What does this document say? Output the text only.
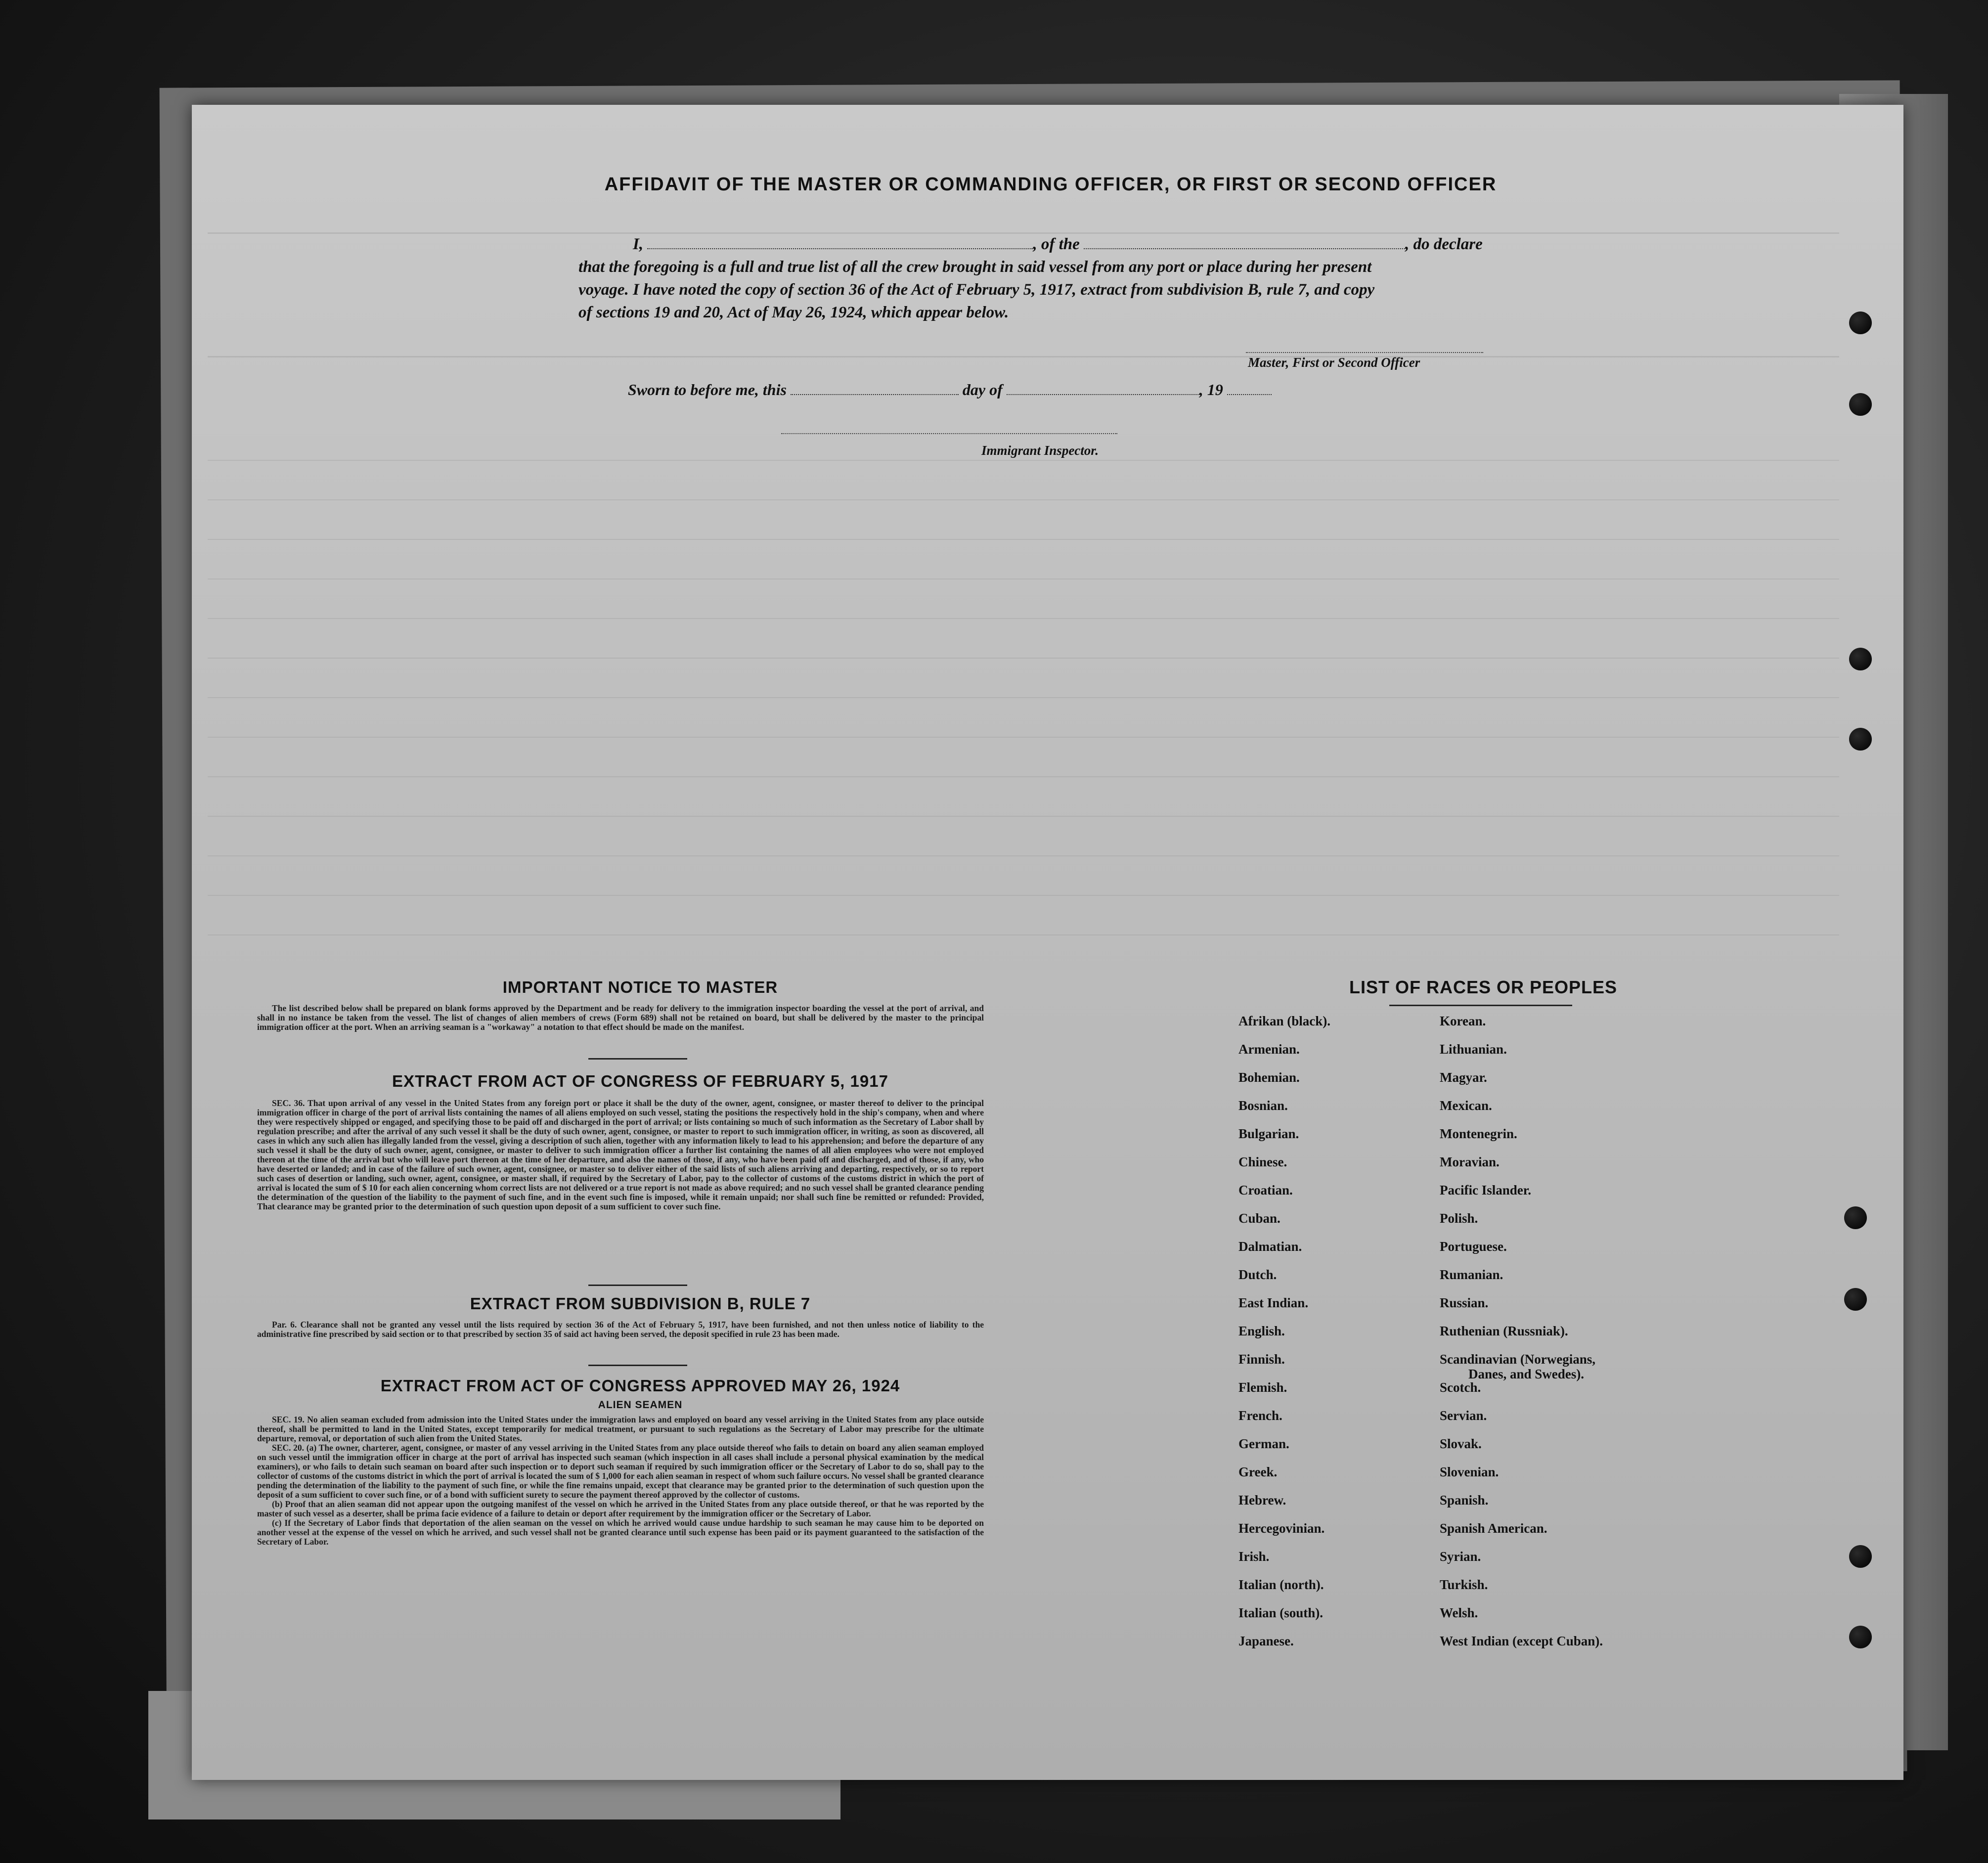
AFFIDAVIT OF THE MASTER OR COMMANDING OFFICER, OR FIRST OR SECOND OFFICER
I,	, of the	, do declare
that the foregoing is a full and true list of all the crew brought in said vessel from any port or place during her present
voyage. I have noted the copy of section 36 of the Act of February 5, 1917, extract from subdivision B, rule 7, and copy
of sections 19 and 20, Act of May 26, 1924, which appear below.
Master, First or Second Officer
Sworn to before me, this	day of	, 19
Immigrant Inspector.
IMPORTANT NOTICE TO MASTER

The list described below shall be prepared on blank forms approved by the Department and be ready for delivery to the immigration inspector boarding the vessel at the port of arrival, and shall in no instance be taken from the vessel. The list of changes of alien members of crews (Form 689) shall not be retained on board, but shall be delivered by the master to the principal immigration officer at the port. When an arriving seaman is a "workaway" a notation to that effect should be made on the manifest.

EXTRACT FROM ACT OF CONGRESS OF FEBRUARY 5, 1917

SEC. 36. That upon arrival of any vessel in the United States from any foreign port or place it shall be the duty of the owner, agent, consignee, or master thereof to deliver to the principal immigration officer in charge of the port of arrival lists containing the names of all aliens employed on such vessel, stating the positions the respectively hold in the ship's company, when and where they were respectively shipped or engaged, and specifying those to be paid off and discharged in the port of arrival; or lists containing so much of such information as the Secretary of Labor shall by regulation prescribe; and after the arrival of any such vessel it shall be the duty of such owner, agent, consignee, or master to report to such immigration officer, in writing, as soon as discovered, all cases in which any such alien has illegally landed from the vessel, giving a description of such alien, together with any information likely to lead to his apprehension; and before the departure of any such vessel it shall be the duty of such owner, agent, consignee, or master to deliver to such immigration officer a further list containing the names of all alien employees who were not employed thereon at the time of the arrival but who will leave port thereon at the time of her departure, and also the names of those, if any, who have been paid off and discharged, and of those, if any, who have deserted or landed; and in case of the failure of such owner, agent, consignee, or master so to deliver either of the said lists of such aliens arriving and departing, respectively, or so to report such cases of desertion or landing, such owner, agent, consignee, or master shall, if required by the Secretary of Labor, pay to the collector of customs of the customs district in which the port of arrival is located the sum of $ 10 for each alien concerning whom correct lists are not delivered or a true report is not made as above required; and no such vessel shall be granted clearance pending the determination of the question of the liability to the payment of such fine, and in the event such fine is imposed, while it remain unpaid; nor shall such fine be remitted or refunded: Provided, That clearance may be granted prior to the determination of such question upon deposit of a sum sufficient to cover such fine.

EXTRACT FROM SUBDIVISION B, RULE 7

Par. 6. Clearance shall not be granted any vessel until the lists required by section 36 of the Act of February 5, 1917, have been furnished, and not then unless notice of liability to the administrative fine prescribed by said section or to that prescribed by section 35 of said act having been served, the deposit specified in rule 23 has been made.

EXTRACT FROM ACT OF CONGRESS APPROVED MAY 26, 1924
ALIEN SEAMEN

SEC. 19. No alien seaman excluded from admission into the United States under the immigration laws and employed on board any vessel arriving in the United States from any place outside thereof, shall be permitted to land in the United States, except temporarily for medical treatment, or pursuant to such regulations as the Secretary of Labor may prescribe for the ultimate departure, removal, or deportation of such alien from the United States.

SEC. 20. (a) The owner, charterer, agent, consignee, or master of any vessel arriving in the United States from any place outside thereof who fails to detain on board any alien seaman employed on such vessel until the immigration officer in charge at the port of arrival has inspected such seaman (which inspection in all cases shall include a personal physical examination by the medical examiners), or who fails to detain such seaman on board after such inspection or to deport such seaman if required by such immigration officer or the Secretary of Labor to do so, shall pay to the collector of customs of the customs district in which the port of arrival is located the sum of $ 1,000 for each alien seaman in respect of whom such failure occurs. No vessel shall be granted clearance pending the determination of the liability to the payment of such fine, or while the fine remains unpaid, except that clearance may be granted prior to the determination of such question upon the deposit of a sum sufficient to cover such fine, or of a bond with sufficient surety to secure the payment thereof approved by the collector of customs.

(b) Proof that an alien seaman did not appear upon the outgoing manifest of the vessel on which he arrived in the United States from any place outside thereof, or that he was reported by the master of such vessel as a deserter, shall be prima facie evidence of a failure to detain or deport after requirement by the immigration officer or the Secretary of Labor.

(c) If the Secretary of Labor finds that deportation of the alien seaman on the vessel on which he arrived would cause undue hardship to such seaman he may cause him to be deported on another vessel at the expense of the vessel on which he arrived, and such vessel shall not be granted clearance until such expense has been paid or its payment guaranteed to the satisfaction of the Secretary of Labor.

LIST OF RACES OR PEOPLES
Afrikan (black).
Armenian.
Bohemian.
Bosnian.
Bulgarian.
Chinese.
Croatian.
Cuban.
Dalmatian.
Dutch.
East Indian.
English.
Finnish.
Flemish.
French.
German.
Greek.
Hebrew.
Hercegovinian.
Irish.
Italian (north).
Italian (south).
Japanese.
Korean.
Lithuanian.
Magyar.
Mexican.
Montenegrin.
Moravian.
Pacific Islander.
Polish.
Portuguese.
Rumanian.
Russian.
Ruthenian (Russniak).
Scandinavian (Norwegians,
Danes, and Swedes).
Scotch.
Servian.
Slovak.
Slovenian.
Spanish.
Spanish American.
Syrian.
Turkish.
Welsh.
West Indian (except Cuban).
